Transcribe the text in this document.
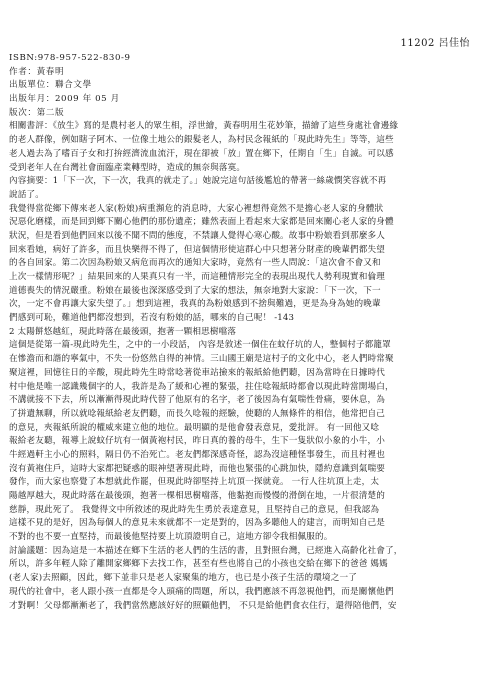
11202 呂佳怡
ISBN:978-957-522-830-9
作者：黃春明
出版單位：聯合文學
出版年月：2009 年 05 月
版次：第二版
相關書評：《放生》寫的是農村老人的眾生相，浮世繪，黃春明用生花妙筆，描繪了這些身處社會邊緣
的老人群像，例如瞎子阿木、一位像土地公的銀髮老人，為村民念報紙的「現此時先生」等等，這些
老人過去為了嗜百子女和打拚經濟流血流汗，現在卻被「放」置在鄉下，任期自「生」自滅。可以感
受到老年人在台灣社會面臨產業轉型時，造成的無奈與落寞。
內容摘要：1「下一次，下一次，我真的就走了。」她說完這句話後尷尬的帶著一絲歲憫笑容就不再
說話了。
我覺得當從鄉下傳來老人家(粉娘)病重瀕危的消息時，大家心裡想得竟然不是擔心老人家的身體狀
況惡化磨樣，而是回到鄉下關心他們的那份遺產；雖然表面上看起來大家都是回來關心老人家的身體
狀況，但是看到他們回來以後不聞不問的態度，不禁讓人覺得心寒心酸。故事中粉娘看到那麼多人
回來看她，病好了許多，而且快樂得不得了，但這個情形使這群心中只想著分財產的晚輩們都失望
的各自回家。第二次因為粉娘又病危而再次的通知大家時，竟然有一些人問說：「這次會不會又和
上次一樣情形呢？」結果回來的人果真只有一半，而這種情形完全的表現出現代人勢利現實和倫理
道德喪失的情況嚴重。粉娘在最後也深深感受到了大家的想法，無奈地對大家說：「下一次，下一
次，一定不會再讓大家失望了。」想到這裡，我真的為粉娘感到不捨與難過，更是為身為她的晚輩
們感到可恥，難道他們都沒想到，若沒有粉娘的話，哪來的自己呢！ -143
2 太陽餅悠越紅，現此時落在最後頭，抱著一顆相思樹噹落
這個是從第一篇-現此時先生，之中的一小段話， 內容是敘述一個住在蚊仔坑的人，整個村子都籠罩
在慘澹而和諧的寧氣中，不失一份悠然自得的神情。三山國王廟是這村子的文化中心，老人們時常聚
聚這裡，回憶往日的辛酸，現此時先生時常唸著從車站撿來的報紙給他們聽，因為當時在日據時代
村中他是唯一認識幾個字的人，我許是為了緩和心裡的緊張，拄住唸報紙時都會以現此時當開場白，
不講就接不下去，所以漸漸得現此時代替了他原有的名字，老了後因為有氣喘性骨痛，要休息，為
了拼遺無聊，所以就唸報紙給老友們聽，而長久唸報的經驗，使聽的人無條件的相信，他常把自己
的意見，夾報紙所說的權威來建立他的地位。最明顯的是他會發表意見，愛批評。 有一回他又唸
報給老友聽，報導上說蚊仔坑有一個黃袍村民，昨日真的養的母牛，生下一隻狀似小象的小牛，小
牛經過軒主小心的照料，隔日仍不治死亡。老友們都深感奇怪，認為沒這種怪事發生，而且村裡也
沒有黃袍住戶，這時大家都把疑惑的眼神望著現此時，而他也緊張的心跳加快，隱約意識到氣喘要
發作，而大家也察覺了本想就此作罷，但現此時卻堅持上坑頂一探就竟。 一行人往坑頂上走，太
陽越厚越大，現此時落在最後頭，抱著一棵相思樹噹落，他黏抱而慢慢的滑倒在地，一片很清楚的
慈靜，現此死了。 我覺得文中所敘述的現此時先生勇於表達意見，且堅持自己的意見，但我認為
這樣不見的是好，因為每個人的意見未來就都不一定是對的，因為多聽他人的建言，而明知自己是
不對的也不要一直堅持，而最後他堅持要上坑頂證明自己，這地方卻令我相佩服的。
討論議題：因為這是一本描述在鄉下生活的老人們的生活的書，且對照台灣，已經進入高齡化社會了，
所以，許多年輕人除了離開家鄉鄉下去找工作，甚至有些也將自己的小孩也交給在鄉下的爸爸 媽媽
(老人家)去照顧，因此，鄉下並非只是老人家聚集的地方，也已是小孩子生活的環境之一了
現代的社會中，老人跟小孩一直都是令人頭痛的問題，所以，我們應該不再忽視他們，而是關懷他們
才對啊！父母都漸漸老了，我們當然應該好好的照顧他們， 不只是給他們食衣住行，還得陪他們，安
